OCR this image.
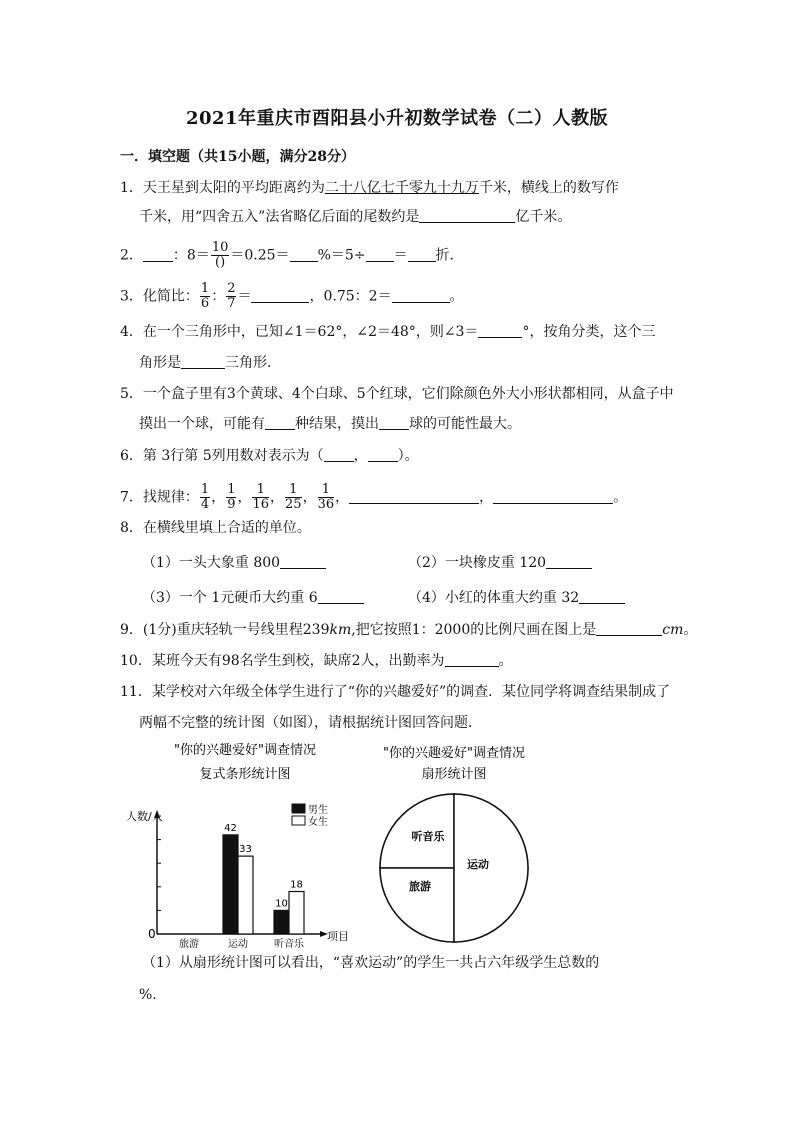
2021年重庆市酉阳县小升初数学试卷（二）人教版
一．填空题（共15小题，满分28分）
1．天王星到太阳的平均距离约为二十八亿七千零九十九万千米，横线上的数写作
千米，用“四舍五入”法省略亿后面的尾数约是	亿千米。
2． ：$8= \frac{10}{()} =0.25= \%=5\div$ ＝ 折．
3．化简比： $\frac{1}{6}$ ： $\frac{2}{7}$ ＝	，0.75：2＝	。
4．在一个三角形中，已知∠1＝62°，∠2＝48°，则∠3＝	°，按角分类，这个三
角形是	三角形．
5．一个盒子里有3个黄球、4个白球、5个红球，它们除颜色外大小形状都相同，从盒子中
摸出一个球，可能有 种结果，摸出 球的可能性最大。
6．第 3行第 5列用数对表示为（ ， ）。
7．找规律： $\frac{1}{4}$ ， $\frac{1}{9}$ ， $\frac{1}{16}$ ， $\frac{1}{25}$ ， $\frac{1}{36}$ ，	，	。
8．在横线里填上合适的单位。
（1）一头大象重 800	（2）一块橡皮重 120
（3）一个 1元硬币大约重 6	（4）小红的体重大约重 32
9．(1分)重庆轻轨一号线里程239km,把它按照1：2000的比例尺画在图上是	cm。
10．某班今天有98名学生到校，缺席2人，出勤率为	。
11．某学校对六年级全体学生进行了“你的兴趣爱好”的调查．某位同学将调查结果制成了
两幅不完整的统计图（如图），请根据统计图回答问题．
"你的兴趣爱好"调查情况
复式条形统计图
"你的兴趣爱好"调查情况
扇形统计图
人数/人
项目
0
42
33
10
18
旅游	运动	听音乐
男生
女生
听音乐
旅游
运动
（1）从扇形统计图可以看出，“喜欢运动”的学生一共占六年级学生总数的
%.
